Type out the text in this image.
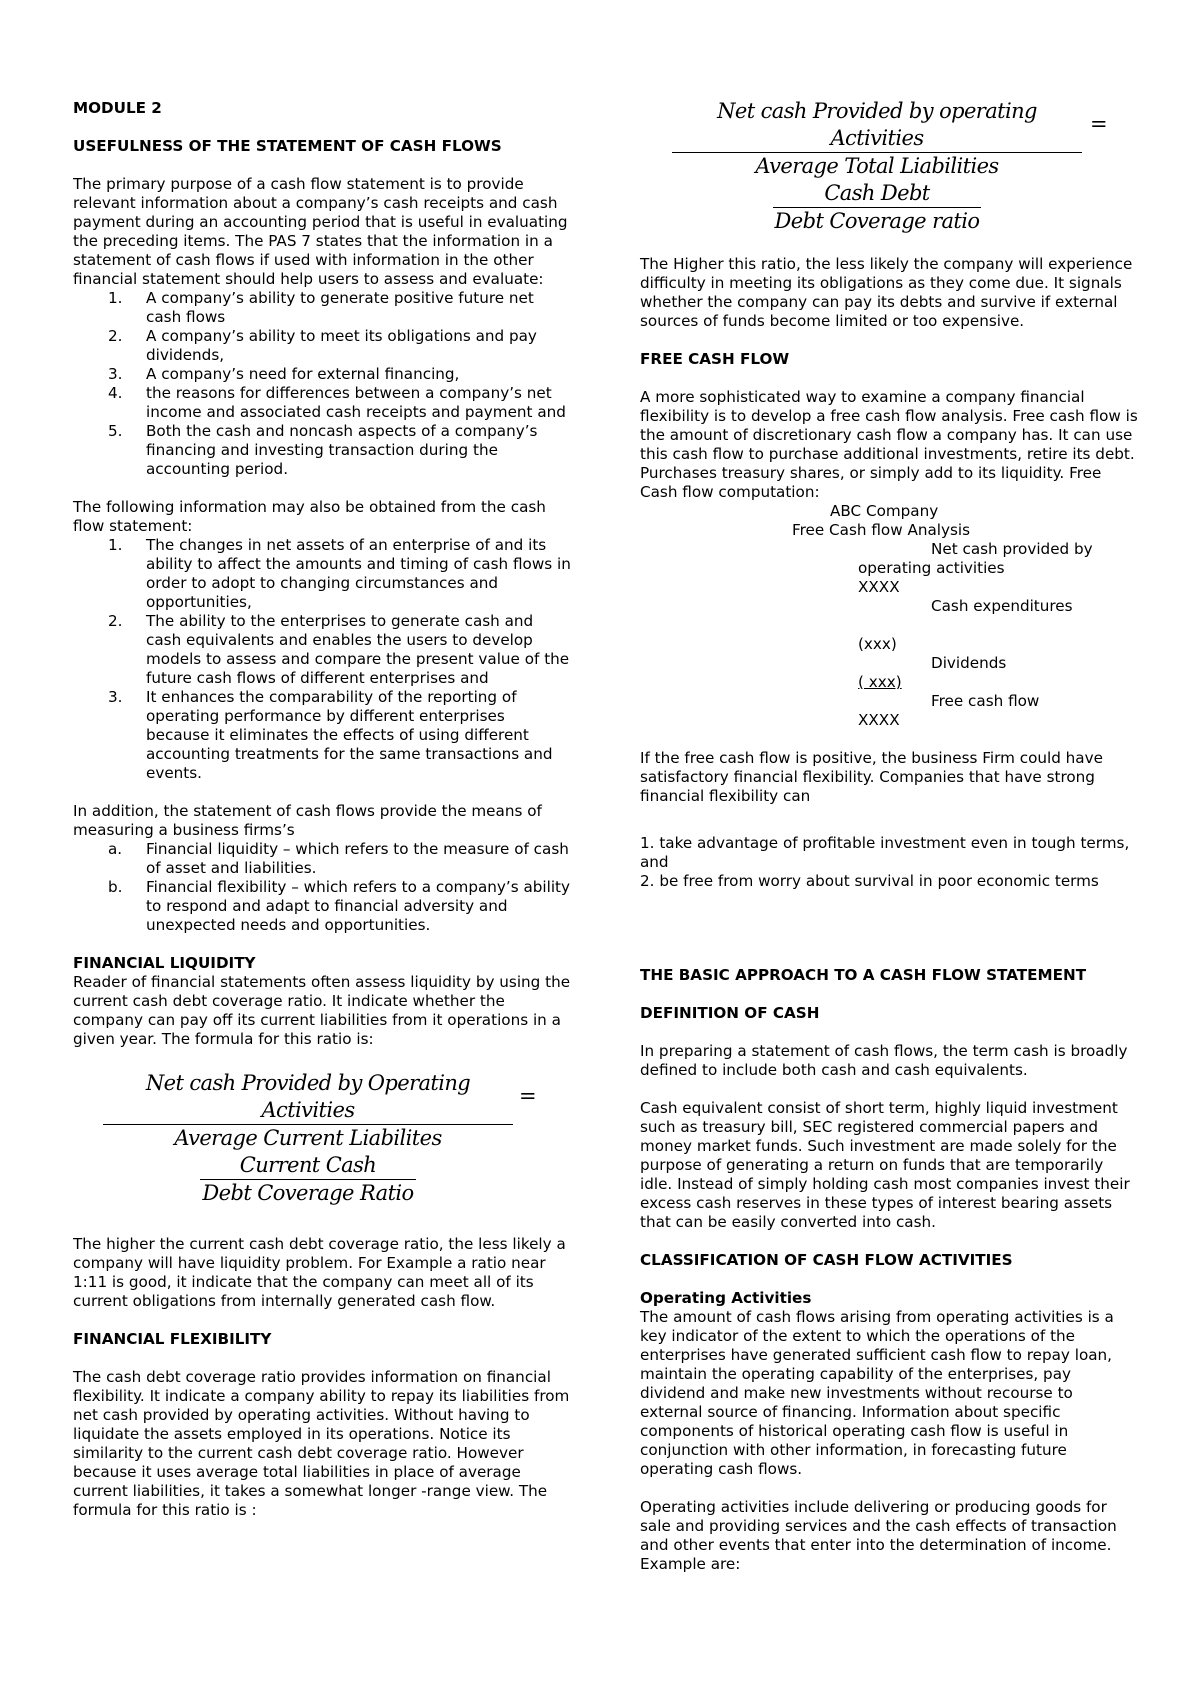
MODULE 2

USEFULNESS OF THE STATEMENT OF CASH FLOWS

The primary purpose of a cash flow statement is to provide relevant information about a company’s cash receipts and cash payment during an accounting period that is useful in evaluating the preceding items. The PAS 7 states that the information in a statement of cash flows if used with information in the other financial statement should help users to assess and evaluate:

1. A company’s ability to generate positive future net cash flows
2. A company’s ability to meet its obligations and pay dividends,
3. A company’s need for external financing,
4. the reasons for differences between a company’s net income and associated cash receipts and payment and
5. Both the cash and noncash aspects of a company’s financing and investing transaction during the accounting period.

The following information may also be obtained from the cash flow statement:

1. The changes in net assets of an enterprise of and its ability to affect the amounts and timing of cash flows in order to adopt to changing circumstances and opportunities,
2. The ability to the enterprises to generate cash and cash equivalents and enables the users to develop models to assess and compare the present value of the future cash flows of different enterprises and
3. It enhances the comparability of the reporting of operating performance by different enterprises because it eliminates the effects of using different accounting treatments for the same transactions and events.

In addition, the statement of cash flows provide the means of measuring a business firms’s

a. Financial liquidity – which refers to the measure of cash of asset and liabilities.
b. Financial flexibility – which refers to a company’s ability to respond and adapt to financial adversity and unexpected needs and opportunities.

FINANCIAL LIQUIDITY

Reader of financial statements often assess liquidity by using the current cash debt coverage ratio. It indicate whether the company can pay off its current liabilities from it operations in a given year. The formula for this ratio is:

$\frac{\text{Net cash Provided by Operating Activities}}{\text{Average Current Liabilites}}$ =
$\frac{\text{Current Cash}}{\text{Debt Coverage Ratio}}$

The higher the current cash debt coverage ratio, the less likely a company will have liquidity problem. For Example a ratio near 1:11 is good, it indicate that the company can meet all of its current obligations from internally generated cash flow.

FINANCIAL FLEXIBILITY

The cash debt coverage ratio provides information on financial flexibility. It indicate a company ability to repay its liabilities from net cash provided by operating activities. Without having to liquidate the assets employed in its operations. Notice its similarity to the current cash debt coverage ratio. However because it uses average total liabilities in place of average current liabilities, it takes a somewhat longer -range view. The formula for this ratio is :

$\frac{\text{Net cash Provided by operating Activities}}{\text{Average Total Liabilities}}$ =
$\frac{\text{Cash Debt}}{\text{Debt Coverage ratio}}$

The Higher this ratio, the less likely the company will experience difficulty in meeting its obligations as they come due. It signals whether the company can pay its debts and survive if external sources of funds become limited or too expensive.

FREE CASH FLOW

A more sophisticated way to examine a company financial flexibility is to develop a free cash flow analysis. Free cash flow is the amount of discretionary cash flow a company has. It can use this cash flow to purchase additional investments, retire its debt. Purchases treasury shares, or simply add to its liquidity. Free Cash flow computation:

ABC Company
Free Cash flow Analysis
Net cash provided by
operating activities
XXXX
Cash expenditures
(xxx)
Dividends
( xxx)
Free cash flow
XXXX

If the free cash flow is positive, the business Firm could have satisfactory financial flexibility. Companies that have strong financial flexibility can

1. take advantage of profitable investment even in tough terms, and

2. be free from worry about survival in poor economic terms

THE BASIC APPROACH TO A CASH FLOW STATEMENT

DEFINITION OF CASH

In preparing a statement of cash flows, the term cash is broadly defined to include both cash and cash equivalents.

Cash equivalent consist of short term, highly liquid investment such as treasury bill, SEC registered commercial papers and money market funds. Such investment are made solely for the purpose of generating a return on funds that are temporarily idle. Instead of simply holding cash most companies invest their excess cash reserves in these types of interest bearing assets that can be easily converted into cash.

CLASSIFICATION OF CASH FLOW ACTIVITIES

Operating Activities

The amount of cash flows arising from operating activities is a key indicator of the extent to which the operations of the enterprises have generated sufficient cash flow to repay loan, maintain the operating capability of the enterprises, pay dividend and make new investments without recourse to external source of financing. Information about specific components of historical operating cash flow is useful in conjunction with other information, in forecasting future operating cash flows.

Operating activities include delivering or producing goods for sale and providing services and the cash effects of transaction and other events that enter into the determination of income. Example are:
